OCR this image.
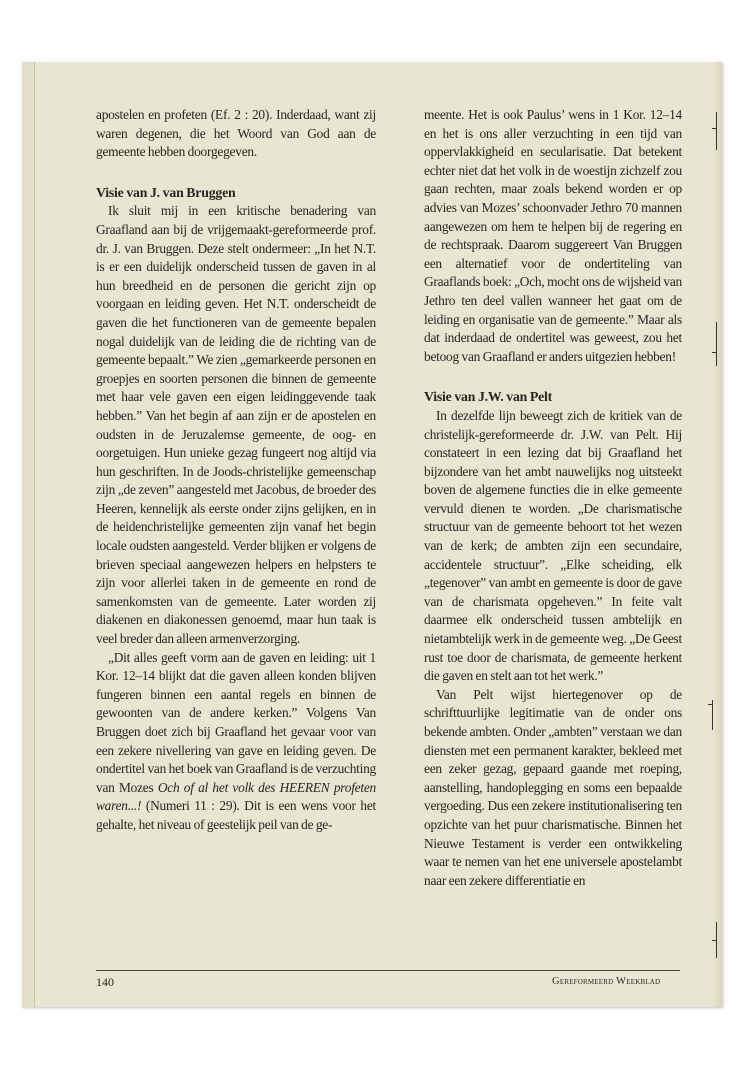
apostelen en profeten (Ef. 2 : 20). Inderdaad, want zij waren degenen, die het Woord van God aan de gemeente hebben doorgegeven.

Visie van J. van Bruggen

Ik sluit mij in een kritische benadering van Graafland aan bij de vrijgemaakt-gereformeerde prof. dr. J. van Bruggen. Deze stelt ondermeer: „In het N.T. is er een duidelijk onderscheid tussen de gaven in al hun breedheid en de personen die gericht zijn op voorgaan en leiding geven. Het N.T. onderscheidt de gaven die het functioneren van de gemeente bepalen nogal duidelijk van de leiding die de richting van de gemeente bepaalt.” We zien „gemarkeerde personen en groepjes en soorten personen die binnen de gemeente met haar vele gaven een eigen leidinggevende taak hebben.” Van het begin af aan zijn er de apostelen en oudsten in de Jeruzalemse gemeente, de oog- en oorgetuigen. Hun unieke gezag fungeert nog altijd via hun geschriften. In de Joods-christelijke gemeenschap zijn „de zeven” aangesteld met Jacobus, de broeder des Heeren, kennelijk als eerste onder zijns gelijken, en in de heidenchristelijke gemeenten zijn vanaf het begin locale oudsten aangesteld. Verder blijken er volgens de brieven speciaal aangewezen helpers en helpsters te zijn voor allerlei taken in de gemeente en rond de samenkomsten van de gemeente. Later worden zij diakenen en diakonessen genoemd, maar hun taak is veel breder dan alleen armenverzorging.

„Dit alles geeft vorm aan de gaven en leiding: uit 1 Kor. 12–14 blijkt dat die gaven alleen konden blijven fungeren binnen een aantal regels en binnen de gewoonten van de andere kerken.” Volgens Van Bruggen doet zich bij Graafland het gevaar voor van een zekere nivellering van gave en leiding geven. De ondertitel van het boek van Graafland is de verzuchting van Mozes Och of al het volk des HEEREN profeten waren...! (Numeri 11 : 29). Dit is een wens voor het gehalte, het niveau of geestelijk peil van de ge-

meente. Het is ook Paulus’ wens in 1 Kor. 12–14 en het is ons aller verzuchting in een tijd van oppervlakkigheid en secularisatie. Dat betekent echter niet dat het volk in de woestijn zichzelf zou gaan rechten, maar zoals bekend worden er op advies van Mozes’ schoonvader Jethro 70 mannen aangewezen om hem te helpen bij de regering en de rechtspraak. Daarom suggereert Van Bruggen een alternatief voor de ondertiteling van Graaflands boek: „Och, mocht ons de wijsheid van Jethro ten deel vallen wanneer het gaat om de leiding en organisatie van de gemeente.” Maar als dat inderdaad de ondertitel was geweest, zou het betoog van Graafland er anders uitgezien hebben!

Visie van J.W. van Pelt

In dezelfde lijn beweegt zich de kritiek van de christelijk-gereformeerde dr. J.W. van Pelt. Hij constateert in een lezing dat bij Graafland het bijzondere van het ambt nauwelijks nog uitsteekt boven de algemene functies die in elke gemeente vervuld dienen te worden. „De charismatische structuur van de gemeente behoort tot het wezen van de kerk; de ambten zijn een secundaire, accidentele structuur”. „Elke scheiding, elk „tegenover” van ambt en gemeente is door de gave van de charismata opgeheven.” In feite valt daarmee elk onderscheid tussen ambtelijk en nietambtelijk werk in de gemeente weg. „De Geest rust toe door de charismata, de gemeente herkent die gaven en stelt aan tot het werk.”

Van Pelt wijst hiertegenover op de schrifttuurlijke legitimatie van de onder ons bekende ambten. Onder „ambten” verstaan we dan diensten met een permanent karakter, bekleed met een zeker gezag, gepaard gaande met roeping, aanstelling, handoplegging en soms een bepaalde vergoeding. Dus een zekere institutionalisering ten opzichte van het puur charismatische. Binnen het Nieuwe Testament is verder een ontwikkeling waar te nemen van het ene universele apostelambt naar een zekere differentiatie en

140	Gereformeerd Weekblad
